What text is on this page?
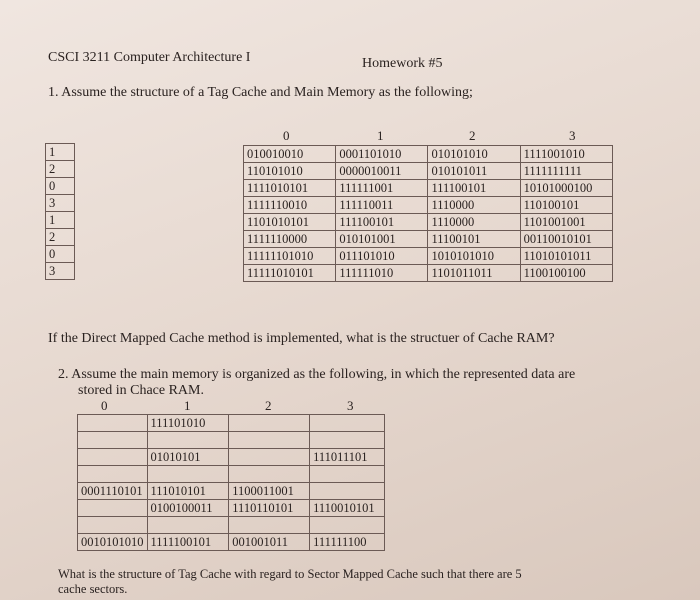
CSCI 3211 Computer Architecture I	Homework #5
1. Assume the structure of a Tag Cache and Main Memory as the following;
1
2
0
3
1
2
0
3
0	1	2	3
010010010	0001101010	010101010	1111001010
110101010	0000010011	010101011	1111111111
1111010101	111111001	111100101	10101000100
1111110010	111110011	1110000	110100101
1101010101	111100101	1110000	1101001001
1111110000	010101001	11100101	00110010101
11111101010	011101010	1010101010	11010101011
11111010101	111111010	1101011011	1100100100
If the Direct Mapped Cache method is implemented, what is the structuer of Cache RAM?
2. Assume the main memory is organized as the following, in which the represented data are
stored in Chace RAM.
0	1	2	3
	111101010		

	01010101		111011101

0001110101	111010101	1100011001	
	0100100011	1110110101	1110010101

0010101010	1111100101	001001011	111111100
What is the structure of Tag Cache with regard to Sector Mapped Cache such that there are 5
cache sectors.
